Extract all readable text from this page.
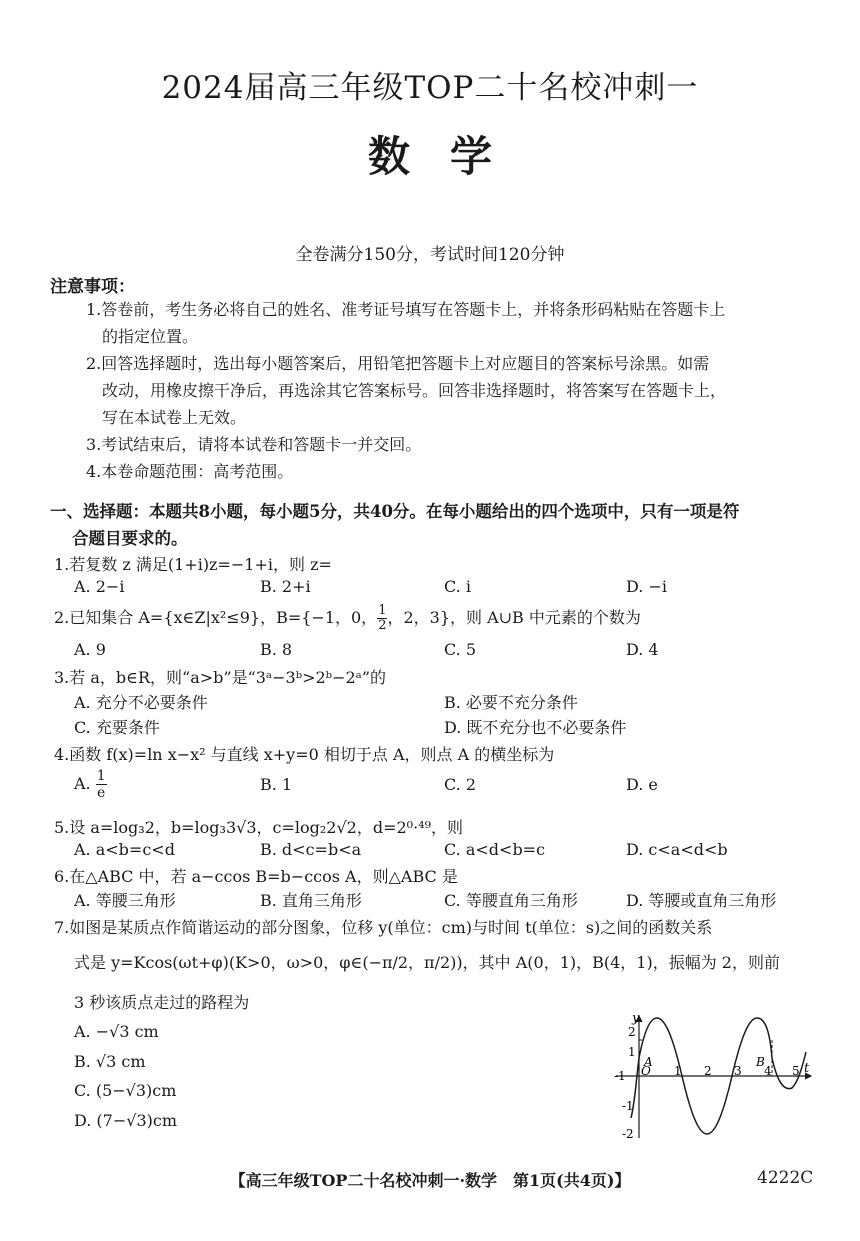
2024届高三年级TOP二十名校冲刺一
数学
全卷满分150分，考试时间120分钟
注意事项：
1.答卷前，考生务必将自己的姓名、准考证号填写在答题卡上，并将条形码粘贴在答题卡上
的指定位置。
2.回答选择题时，选出每小题答案后，用铅笔把答题卡上对应题目的答案标号涂黑。如需
改动，用橡皮擦干净后，再选涂其它答案标号。回答非选择题时，将答案写在答题卡上，
写在本试卷上无效。
3.考试结束后，请将本试卷和答题卡一并交回。
4.本卷命题范围：高考范围。
一、选择题：本题共8小题，每小题5分，共40分。在每小题给出的四个选项中，只有一项是符
合题目要求的。
1.若复数 z 满足(1+i)z=−1+i，则 z=
A. 2−i	B. 2+i	C. i	D. −i
2.已知集合 A={x∈Z|x²≤9}，B={−1，0， $\frac{1}{2}$ ，2，3}，则 A∪B 中元素的个数为
A. 9	B. 8	C. 5	D. 4
3.若 a，b∈R，则“a>b”是“3ᵃ−3ᵇ>2ᵇ−2ᵃ”的
A. 充分不必要条件	B. 必要不充分条件
C. 充要条件	D. 既不充分也不必要条件
4.函数 f(x)=ln x−x² 与直线 x+y=0 相切于点 A，则点 A 的横坐标为
A. $\frac{1}{e}$	B. 1	C. 2	D. e
5.设 a=log₃2，b=log₃3√3，c=log₂2√2，d=2⁰·⁴⁹，则
A. a<b=c<d	B. d<c=b<a	C. a<d<b=c	D. c<a<d<b
6.在△ABC 中，若 a−ccos B=b−ccos A，则△ABC 是
A. 等腰三角形	B. 直角三角形	C. 等腰直角三角形	D. 等腰或直角三角形
7.如图是某质点作简谐运动的部分图象，位移 y(单位：cm)与时间 t(单位：s)之间的函数关系
式是 y=Kcos(ωt+φ)(K>0，ω>0，φ∈(−π/2，π/2))，其中 A(0，1)，B(4，1)，振幅为 2，则前
3 秒该质点走过的路程为
A. −√3 cm
B. √3 cm
C. (5−√3)cm
D. (7−√3)cm
y
t
-1 O 1 2 3 4 5
2
1
-1
-2
A	B
【高三年级TOP二十名校冲刺一·数学　第1页(共4页)】	4222C
